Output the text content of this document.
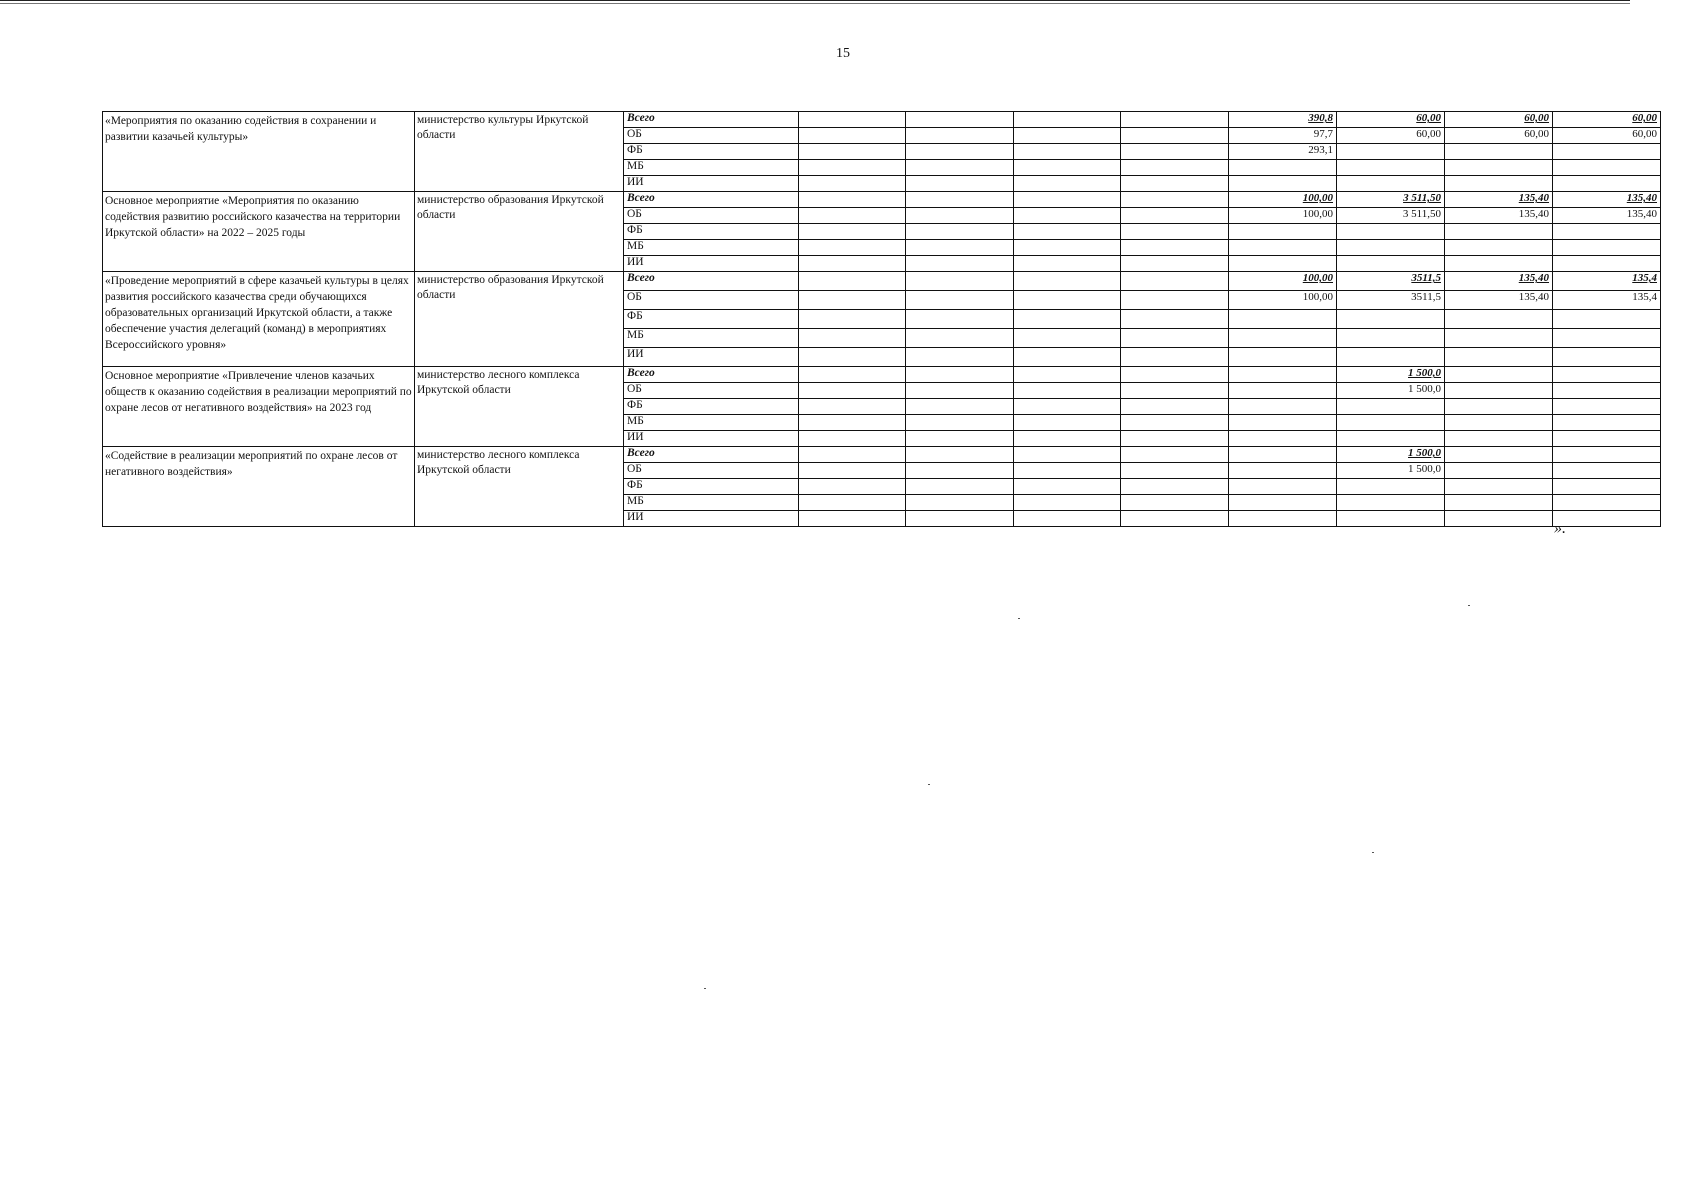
15
«Мероприятия по оказанию содействия в сохранении и развитии казачьей культуры»	министерство культуры Иркутской области	Всего					390,8	60,00	60,00	60,00
		ОБ					97,7	60,00	60,00	60,00
		ФБ					293,1			
		МБ								
		ИИ								
Основное мероприятие «Мероприятия по оказанию содействия развитию российского казачества на территории Иркутской области» на 2022 – 2025 годы	министерство образования Иркутской области	Всего					100,00	3 511,50	135,40	135,40
		ОБ					100,00	3 511,50	135,40	135,40
		ФБ								
		МБ								
		ИИ								
«Проведение мероприятий в сфере казачьей культуры в целях развития российского казачества среди обучающихся образовательных организаций Иркутской области, а также обеспечение участия делегаций (команд) в мероприятиях Всероссийского уровня»	министерство образования Иркутской области	Всего					100,00	3511,5	135,40	135,4
		ОБ					100,00	3511,5	135,40	135,4
		ФБ								
		МБ								
		ИИ								
Основное мероприятие «Привлечение членов казачьих обществ к оказанию содействия в реализации мероприятий по охране лесов от негативного воздействия» на 2023 год	министерство лесного комплекса Иркутской области	Всего						1 500,0		
		ОБ						1 500,0		
		ФБ								
		МБ								
		ИИ								
«Содействие в реализации мероприятий по охране лесов от негативного воздействия»	министерство лесного комплекса Иркутской области	Всего						1 500,0		
		ОБ						1 500,0		
		ФБ								
		МБ								
		ИИ								
».
